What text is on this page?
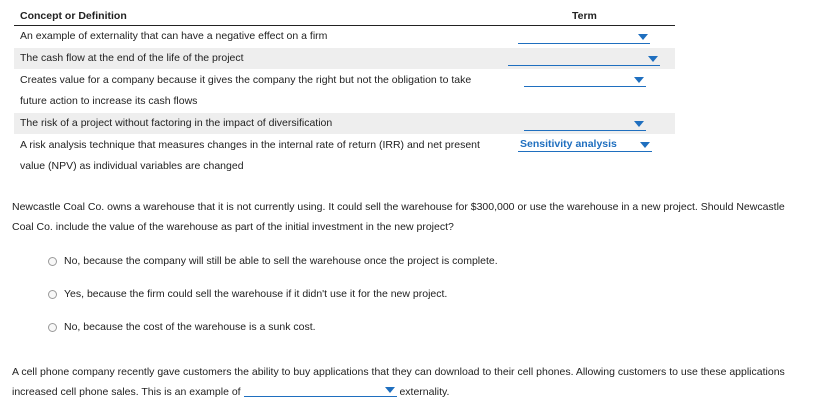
Concept or Definition	Term
An example of externality that can have a negative effect on a firm
The cash flow at the end of the life of the project
Creates value for a company because it gives the company the right but not the obligation to take future action to increase its cash flows
The risk of a project without factoring in the impact of diversification
A risk analysis technique that measures changes in the internal rate of return (IRR) and net present value (NPV) as individual variables are changed
Sensitivity analysis
Newcastle Coal Co. owns a warehouse that it is not currently using. It could sell the warehouse for $300,000 or use the warehouse in a new project. Should Newcastle Coal Co. include the value of the warehouse as part of the initial investment in the new project?
No, because the company will still be able to sell the warehouse once the project is complete.
Yes, because the firm could sell the warehouse if it didn't use it for the new project.
No, because the cost of the warehouse is a sunk cost.
A cell phone company recently gave customers the ability to buy applications that they can download to their cell phones. Allowing customers to use these applications increased cell phone sales. This is an example of	externality.
